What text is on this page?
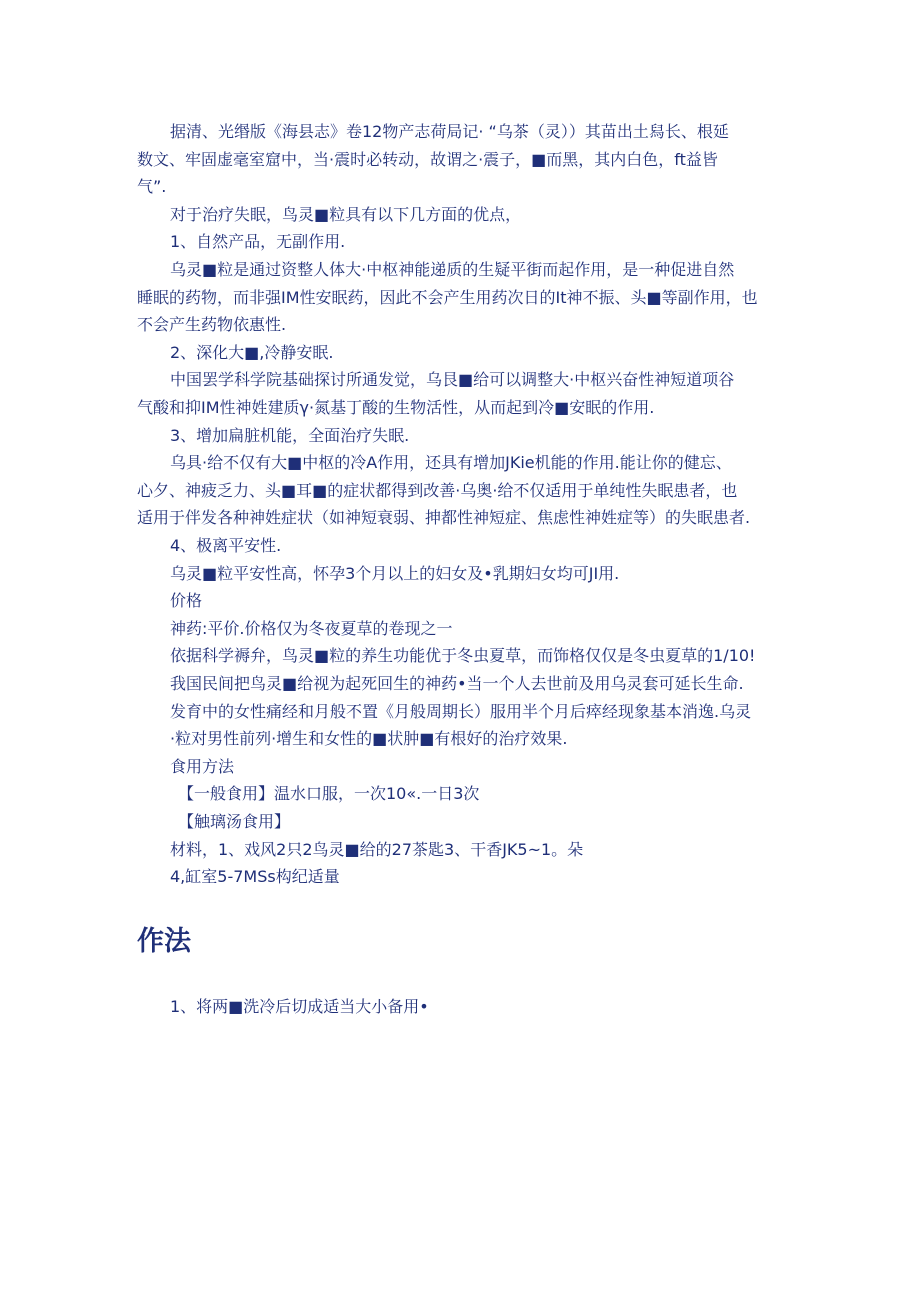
据清、光缗版《海县志》卷12物产志荷局记· “乌茶（灵））其苗出土舄长、根延

数文、牢固虚毫室窟中，当·震时必转动，故谓之·震子，■而黑，其内白色，ft益皆

气”.

对于治疗失眠，鸟灵■粒具有以下几方面的优点，

1、自然产品，无副作用.

乌灵■粒是通过资整人体大·中枢神能递质的生疑平街而起作用，是一种促进自然

睡眠的药物，而非强IM性安眠药，因此不会产生用药次日的It神不振、头■等副作用，也

不会产生药物依惠性.

2、深化大■,冷静安眠.

中国罢学科学院基础探讨所通发觉，乌艮■给可以调整大·中枢兴奋性神短道项谷

气酸和抑IM性神姓建质γ·氮基丁酸的生物活性，从而起到冷■安眠的作用.

3、增加扁脏机能，全面治疗失眠.

乌具·给不仅有大■中枢的冷A作用，还具有增加JKie机能的作用.能让你的健忘、

心夕、神疲乏力、头■耳■的症状都得到改善·乌奥·给不仅适用于单纯性失眠患者，也

适用于伴发各种神姓症状（如神短衰弱、抻都性神短症、焦虑性神姓症等）的失眠患者.

4、极离平安性.

乌灵■粒平安性高，怀孕3个月以上的妇女及•乳期妇女均可JI用.

价格

神药:平价.价格仅为冬夜夏草的卷现之一

依据科学褥弁，鸟灵■粒的养生功能优于冬虫夏草，而饰格仅仅是冬虫夏草的1/10!

我国民间把鸟灵■给视为起死回生的神药•当一个人去世前及用乌灵套可延长生命.

发育中的女性痛经和月般不置《月般周期长）服用半个月后瘁经现象基本消逸.乌灵

·粒对男性前列·增生和女性的■状肿■有根好的治疗效果.

食用方法

【一般食用】温水口服，一次10«.一日3次

【触璃汤食用】

材料，1、戏风2只2鸟灵■给的27茶匙3、干香JK5~1。朵

4,缸室5-7MSs构纪适量

作法

1、将两■洗冷后切成适当大小备用•
